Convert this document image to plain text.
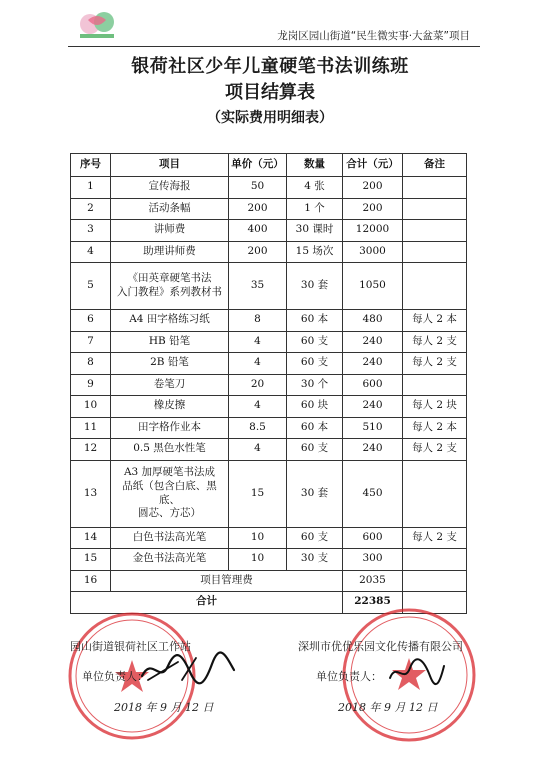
龙岗区园山街道“民生微实事·大盆菜”项目
银荷社区少年儿童硬笔书法训练班
项目结算表
（实际费用明细表）
序号	项目	单价（元）	数量	合计（元）	备注
1	宣传海报	50	4 张	200	
2	活动条幅	200	1 个	200	
3	讲师费	400	30 课时	12000	
4	助理讲师费	200	15 场次	3000	
5	《田英章硬笔书法
入门教程》系列教材书	35	30 套	1050	
6	A4 田字格练习纸	8	60 本	480	每人 2 本
7	HB 铅笔	4	60 支	240	每人 2 支
8	2B 铅笔	4	60 支	240	每人 2 支
9	卷笔刀	20	30 个	600	
10	橡皮擦	4	60 块	240	每人 2 块
11	田字格作业本	8.5	60 本	510	每人 2 本
12	0.5 黑色水性笔	4	60 支	240	每人 2 支
13	A3 加厚硬笔书法成
品纸（包含白底、黑底、
圆芯、方芯）	15	30 套	450	
14	白色书法高光笔	10	60 支	600	每人 2 支
15	金色书法高光笔	10	30 支	300	
16	项目管理费			2035	
合计				22385	
园山街道银荷社区工作站
单位负责人：
2018 年 9 月 12 日
深圳市优优乐园文化传播有限公司
单位负责人：
2018 年 9 月 12 日
